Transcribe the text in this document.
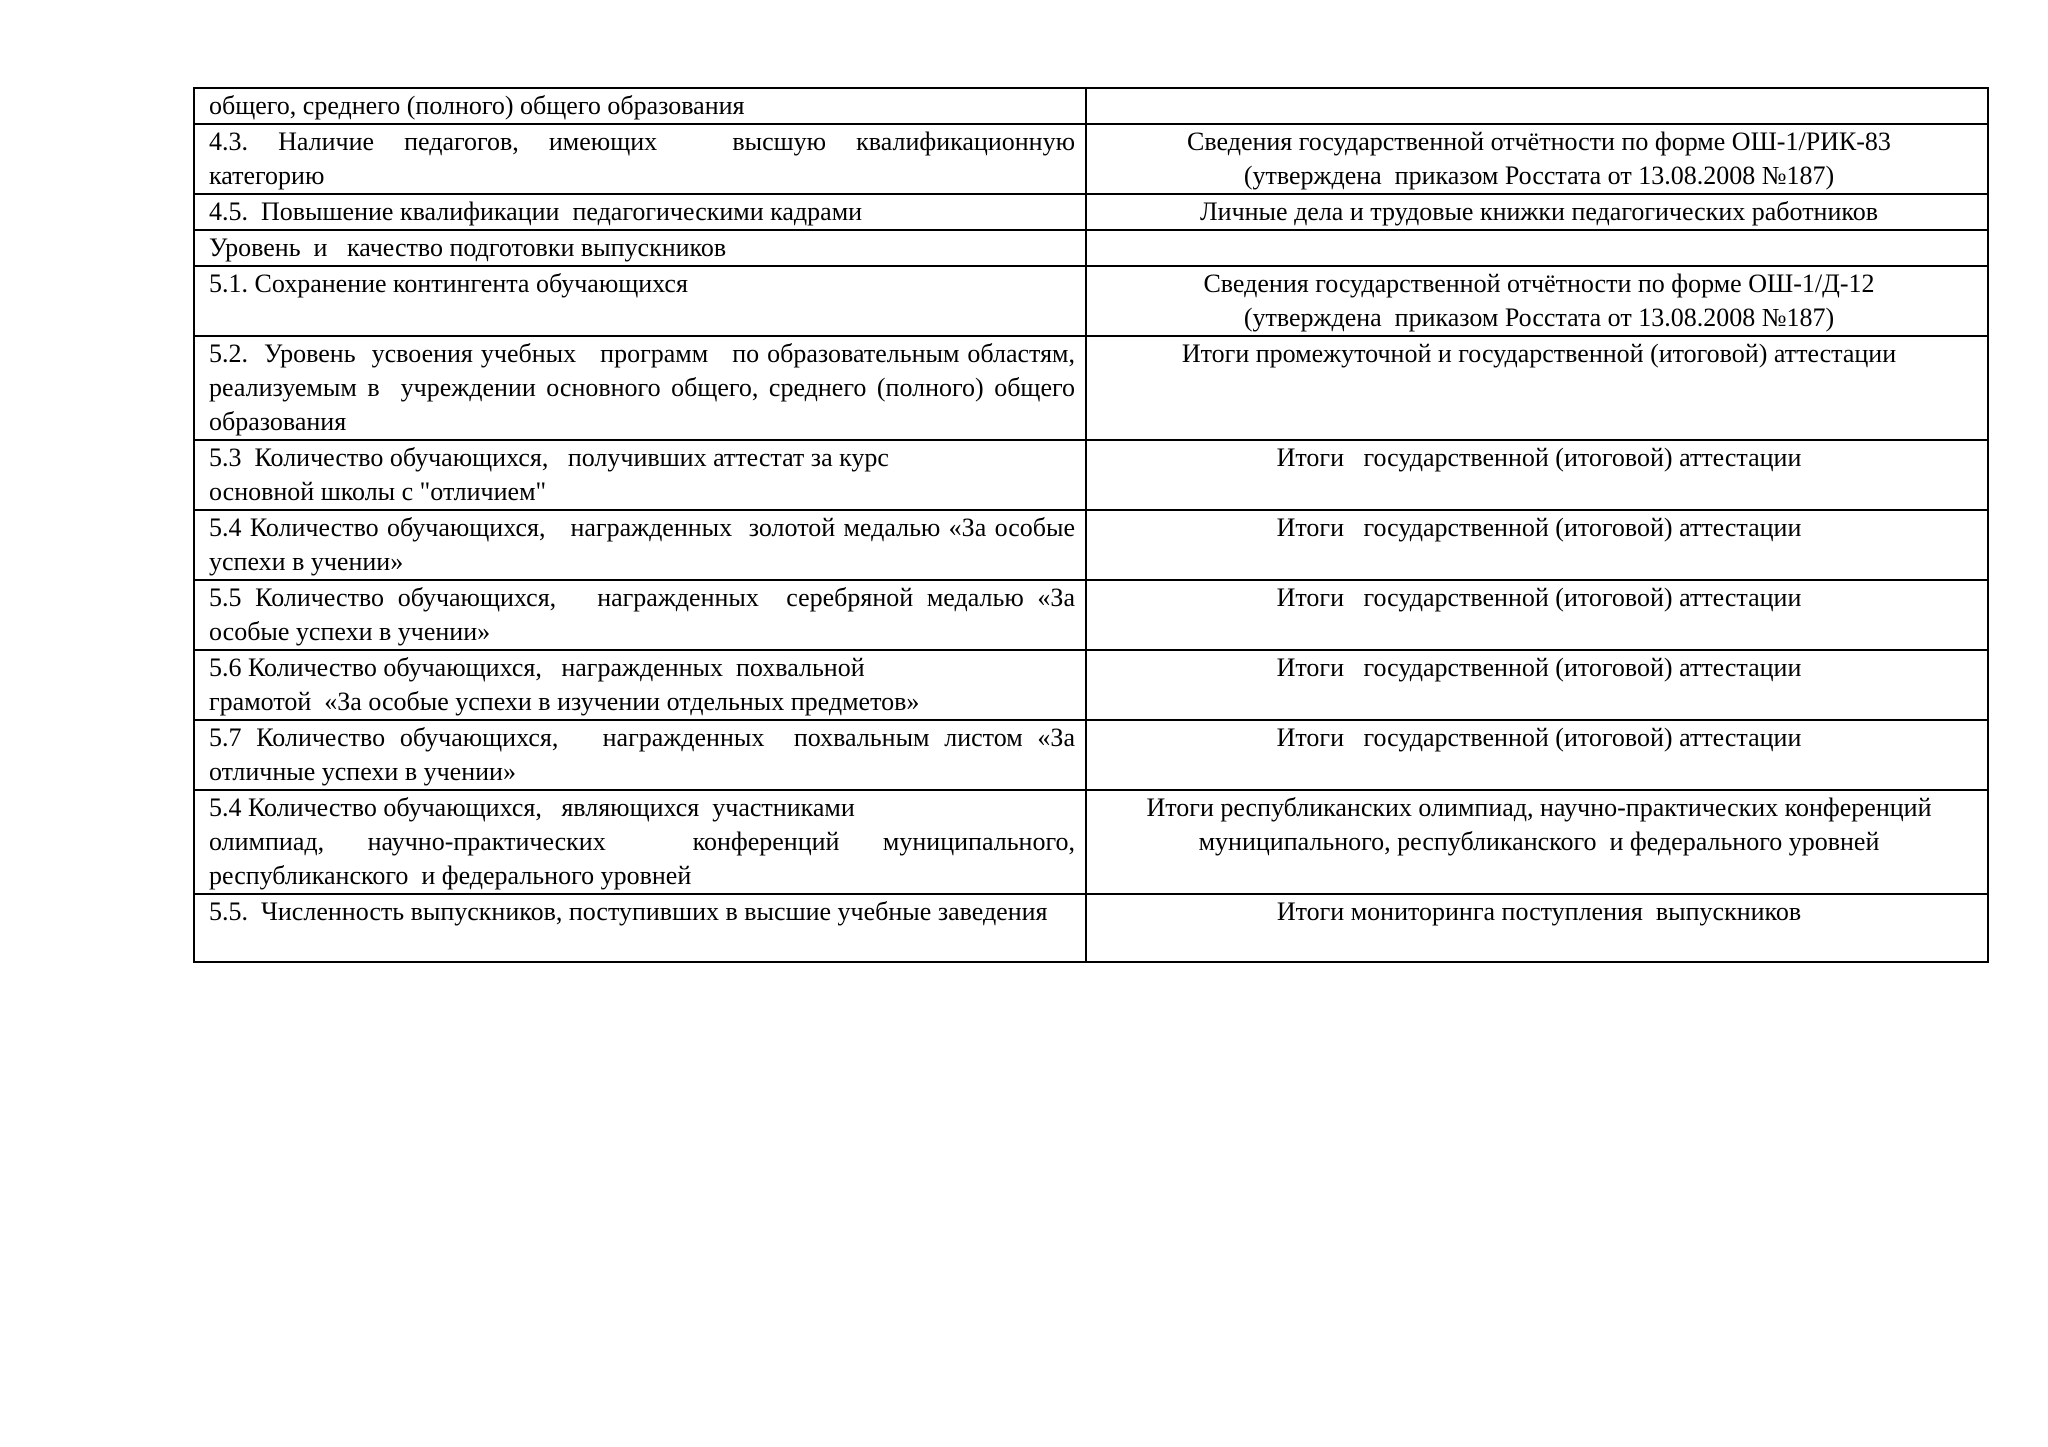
общего, среднего (полного) общего образования	
4.3.  Наличие  педагогов,  имеющих     высшую  квалификационную категорию	Сведения государственной отчётности по форме ОШ-1/РИК-83
(утверждена  приказом Росстата от 13.08.2008 №187)
4.5.  Повышение квалификации  педагогическими кадрами	Личные дела и трудовые книжки педагогических работников
Уровень  и   качество подготовки выпускников	
5.1. Сохранение контингента обучающихся	Сведения государственной отчётности по форме ОШ-1/Д-12
(утверждена  приказом Росстата от 13.08.2008 №187)
5.2.  Уровень  усвоения учебных   программ   по образовательным областям, реализуемым в  учреждении основного общего, среднего (полного) общего образования	Итоги промежуточной и государственной (итоговой) аттестации
5.3  Количество обучающихся,   получивших аттестат за курс
основной школы с "отличием"	Итоги   государственной (итоговой) аттестации
5.4 Количество обучающихся,   награжденных  золотой медалью «За особые успехи в учении»	Итоги   государственной (итоговой) аттестации
5.5 Количество обучающихся,   награжденных  серебряной медалью «За особые успехи в учении»	Итоги   государственной (итоговой) аттестации
5.6 Количество обучающихся,   награжденных  похвальной
грамотой  «За особые успехи в изучении отдельных предметов»	Итоги   государственной (итоговой) аттестации
5.7 Количество обучающихся,   награжденных  похвальным листом «За отличные успехи в учении»	Итоги   государственной (итоговой) аттестации
5.4 Количество обучающихся,   являющихся  участниками
олимпиад, научно-практических  конференций муниципального, республиканского  и федерального уровней	Итоги республиканских олимпиад, научно-практических конференций муниципального, республиканского  и федерального уровней
5.5.  Численность выпускников, поступивших в высшие учебные заведения	Итоги мониторинга поступления  выпускников
